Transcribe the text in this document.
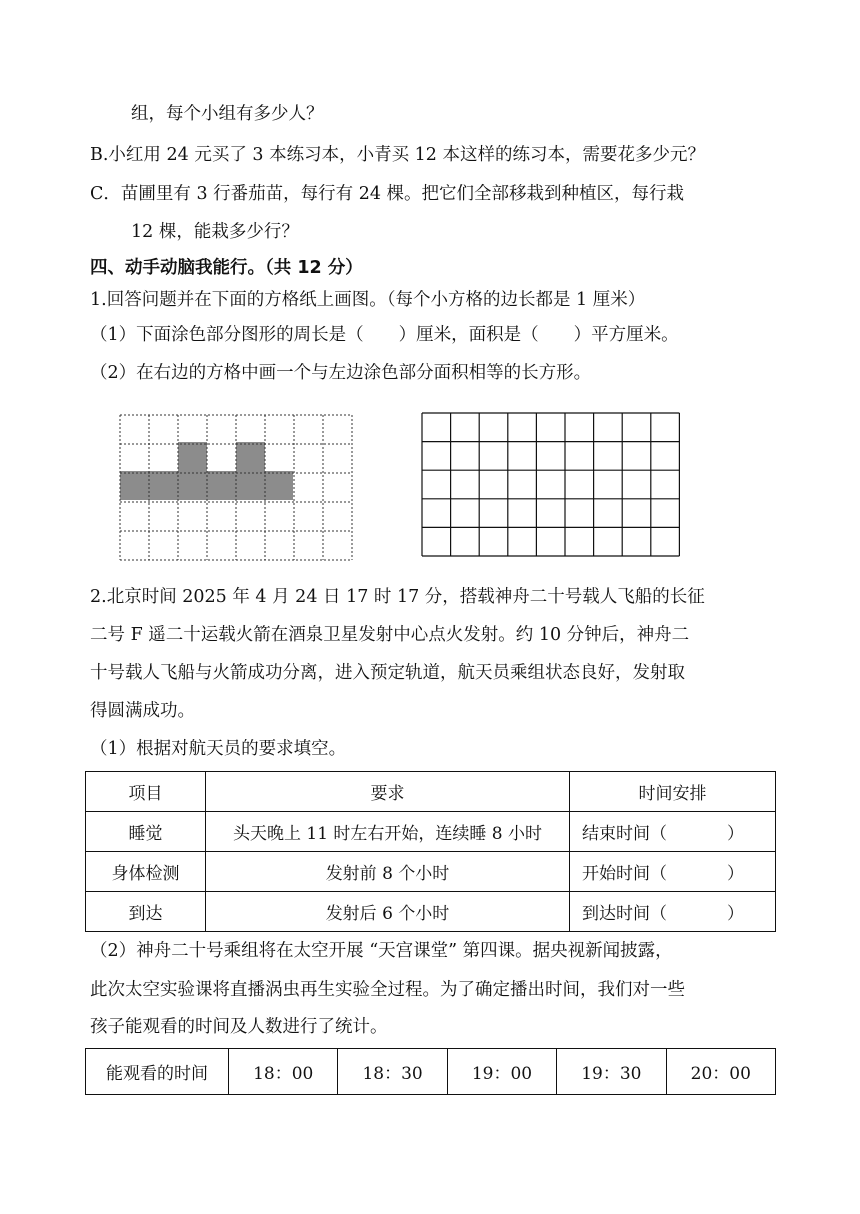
组，每个小组有多少人？
B.小红用 24 元买了 3 本练习本，小青买 12 本这样的练习本，需要花多少元？
C．苗圃里有 3 行番茄苗，每行有 24 棵。把它们全部移栽到种植区，每行栽
12 棵，能栽多少行？
四、动手动脑我能行。（共 12 分）
1.回答问题并在下面的方格纸上画图。（每个小方格的边长都是 1 厘米）
（1）下面涂色部分图形的周长是（　　）厘米，面积是（　　）平方厘米。
（2）在右边的方格中画一个与左边涂色部分面积相等的长方形。
2.北京时间 2025 年 4 月 24 日 17 时 17 分，搭载神舟二十号载人飞船的长征
二号 F 遥二十运载火箭在酒泉卫星发射中心点火发射。约 10 分钟后，神舟二
十号载人飞船与火箭成功分离，进入预定轨道，航天员乘组状态良好，发射取
得圆满成功。
（1）根据对航天员的要求填空。
项目	要求	时间安排
睡觉	头天晚上 11 时左右开始，连续睡 8 小时	结束时间（ ）
身体检测	发射前 8 个小时	开始时间（ ）
到达	发射后 6 个小时	到达时间（ ）
（2）神舟二十号乘组将在太空开展 “天宫课堂” 第四课。据央视新闻披露，
此次太空实验课将直播涡虫再生实验全过程。为了确定播出时间，我们对一些
孩子能观看的时间及人数进行了统计。
能观看的时间	18：00	18：30	19：00	19：30	20：00
